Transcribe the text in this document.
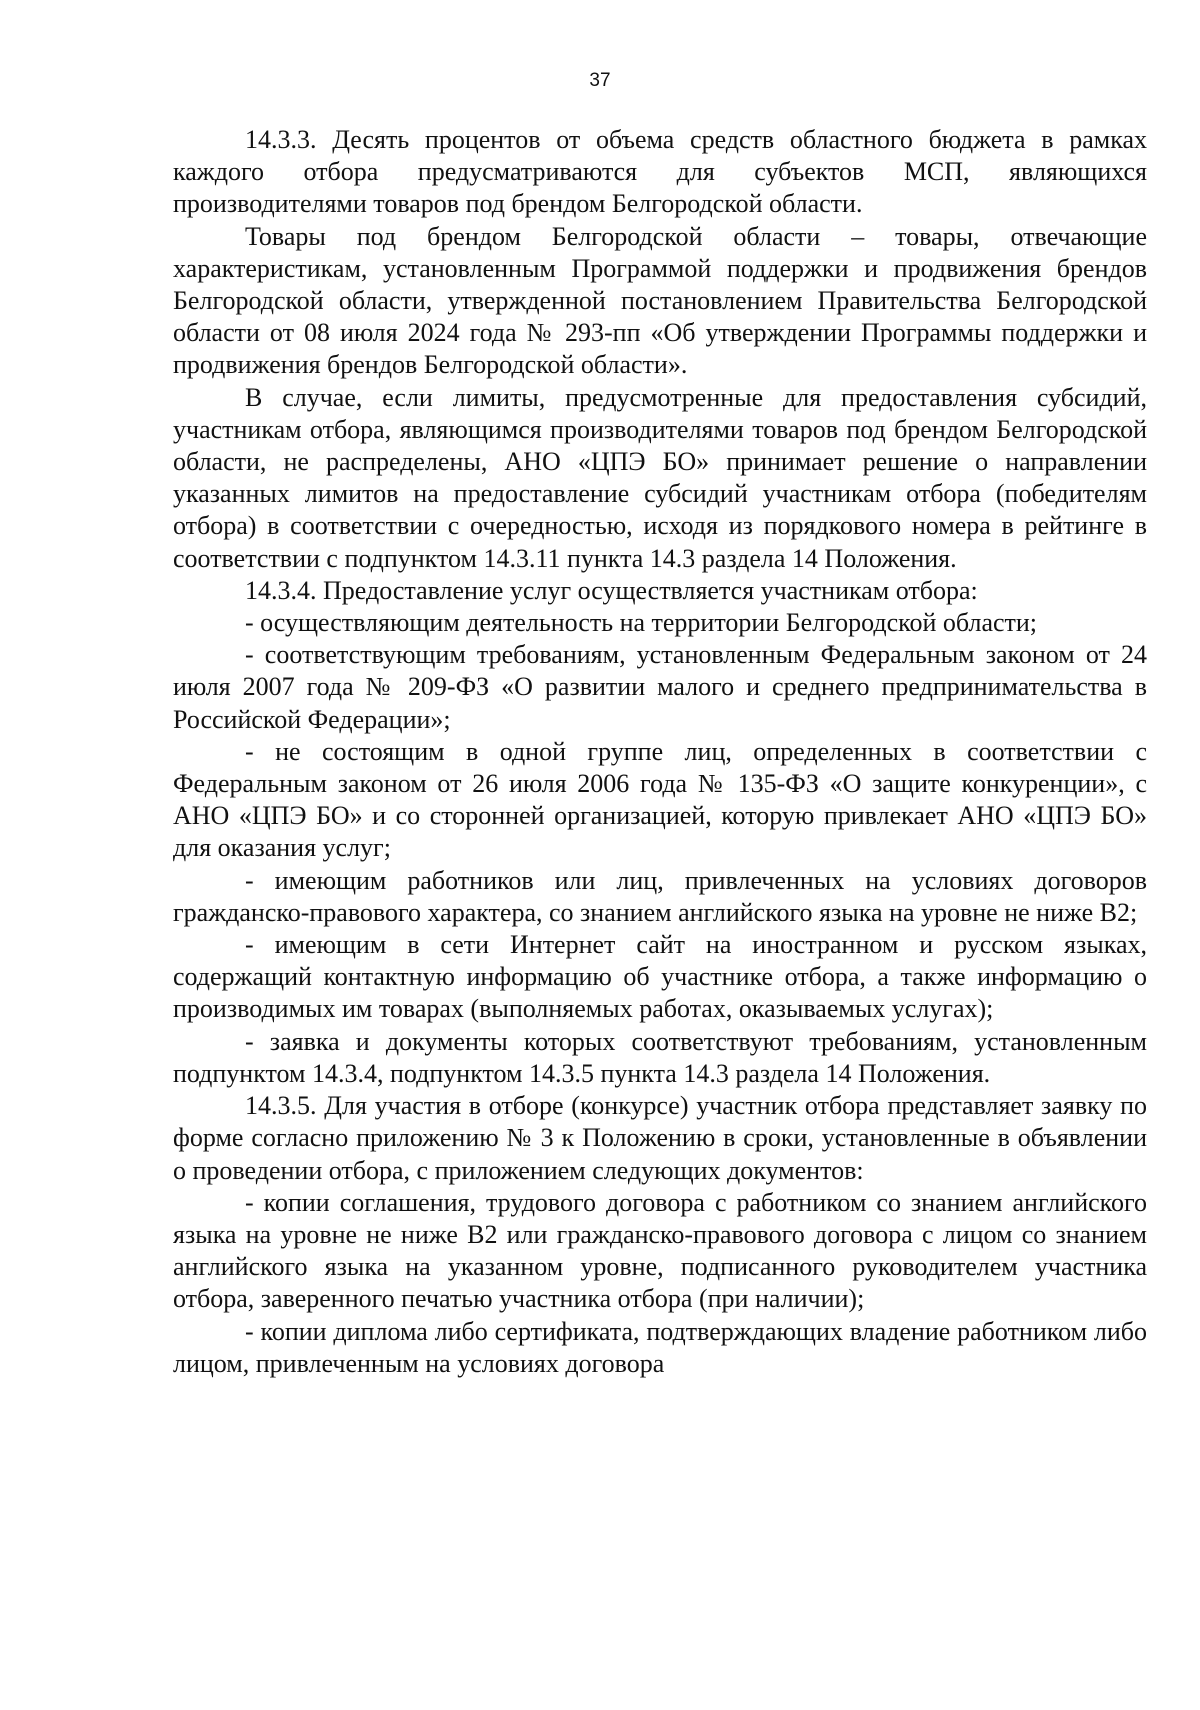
37

14.3.3. Десять процентов от объема средств областного бюджета в рамках каждого отбора предусматриваются для субъектов МСП, являющихся производителями товаров под брендом Белгородской области.

Товары под брендом Белгородской области – товары, отвечающие характеристикам, установленным Программой поддержки и продвижения брендов Белгородской области, утвержденной постановлением Правительства Белгородской области от 08 июля 2024 года № 293-пп «Об утверждении Программы поддержки и продвижения брендов Белгородской области».

В случае, если лимиты, предусмотренные для предоставления субсидий, участникам отбора, являющимся производителями товаров под брендом Белгородской области, не распределены, АНО «ЦПЭ БО» принимает решение о направлении указанных лимитов на предоставление субсидий участникам отбора (победителям отбора) в соответствии с очередностью, исходя из порядкового номера в рейтинге в соответствии с подпунктом 14.3.11 пункта 14.3 раздела 14 Положения.

14.3.4. Предоставление услуг осуществляется участникам отбора:

- осуществляющим деятельность на территории Белгородской области;

- соответствующим требованиям, установленным Федеральным законом от 24 июля 2007 года № 209-ФЗ «О развитии малого и среднего предпринимательства в Российской Федерации»;

- не состоящим в одной группе лиц, определенных в соответствии с Федеральным законом от 26 июля 2006 года № 135-ФЗ «О защите конкуренции», с АНО «ЦПЭ БО» и со сторонней организацией, которую привлекает АНО «ЦПЭ БО» для оказания услуг;

- имеющим работников или лиц, привлеченных на условиях договоров гражданско-правового характера, со знанием английского языка на уровне не ниже В2;

- имеющим в сети Интернет сайт на иностранном и русском языках, содержащий контактную информацию об участнике отбора, а также информацию о производимых им товарах (выполняемых работах, оказываемых услугах);

- заявка и документы которых соответствуют требованиям, установленным подпунктом 14.3.4, подпунктом 14.3.5 пункта 14.3 раздела 14 Положения.

14.3.5. Для участия в отборе (конкурсе) участник отбора представляет заявку по форме согласно приложению № 3 к Положению в сроки, установленные в объявлении о проведении отбора, с приложением следующих документов:

- копии соглашения, трудового договора с работником со знанием английского языка на уровне не ниже В2 или гражданско-правового договора с лицом со знанием английского языка на указанном уровне, подписанного руководителем участника отбора, заверенного печатью участника отбора (при наличии);

- копии диплома либо сертификата, подтверждающих владение работником либо лицом, привлеченным на условиях договора
